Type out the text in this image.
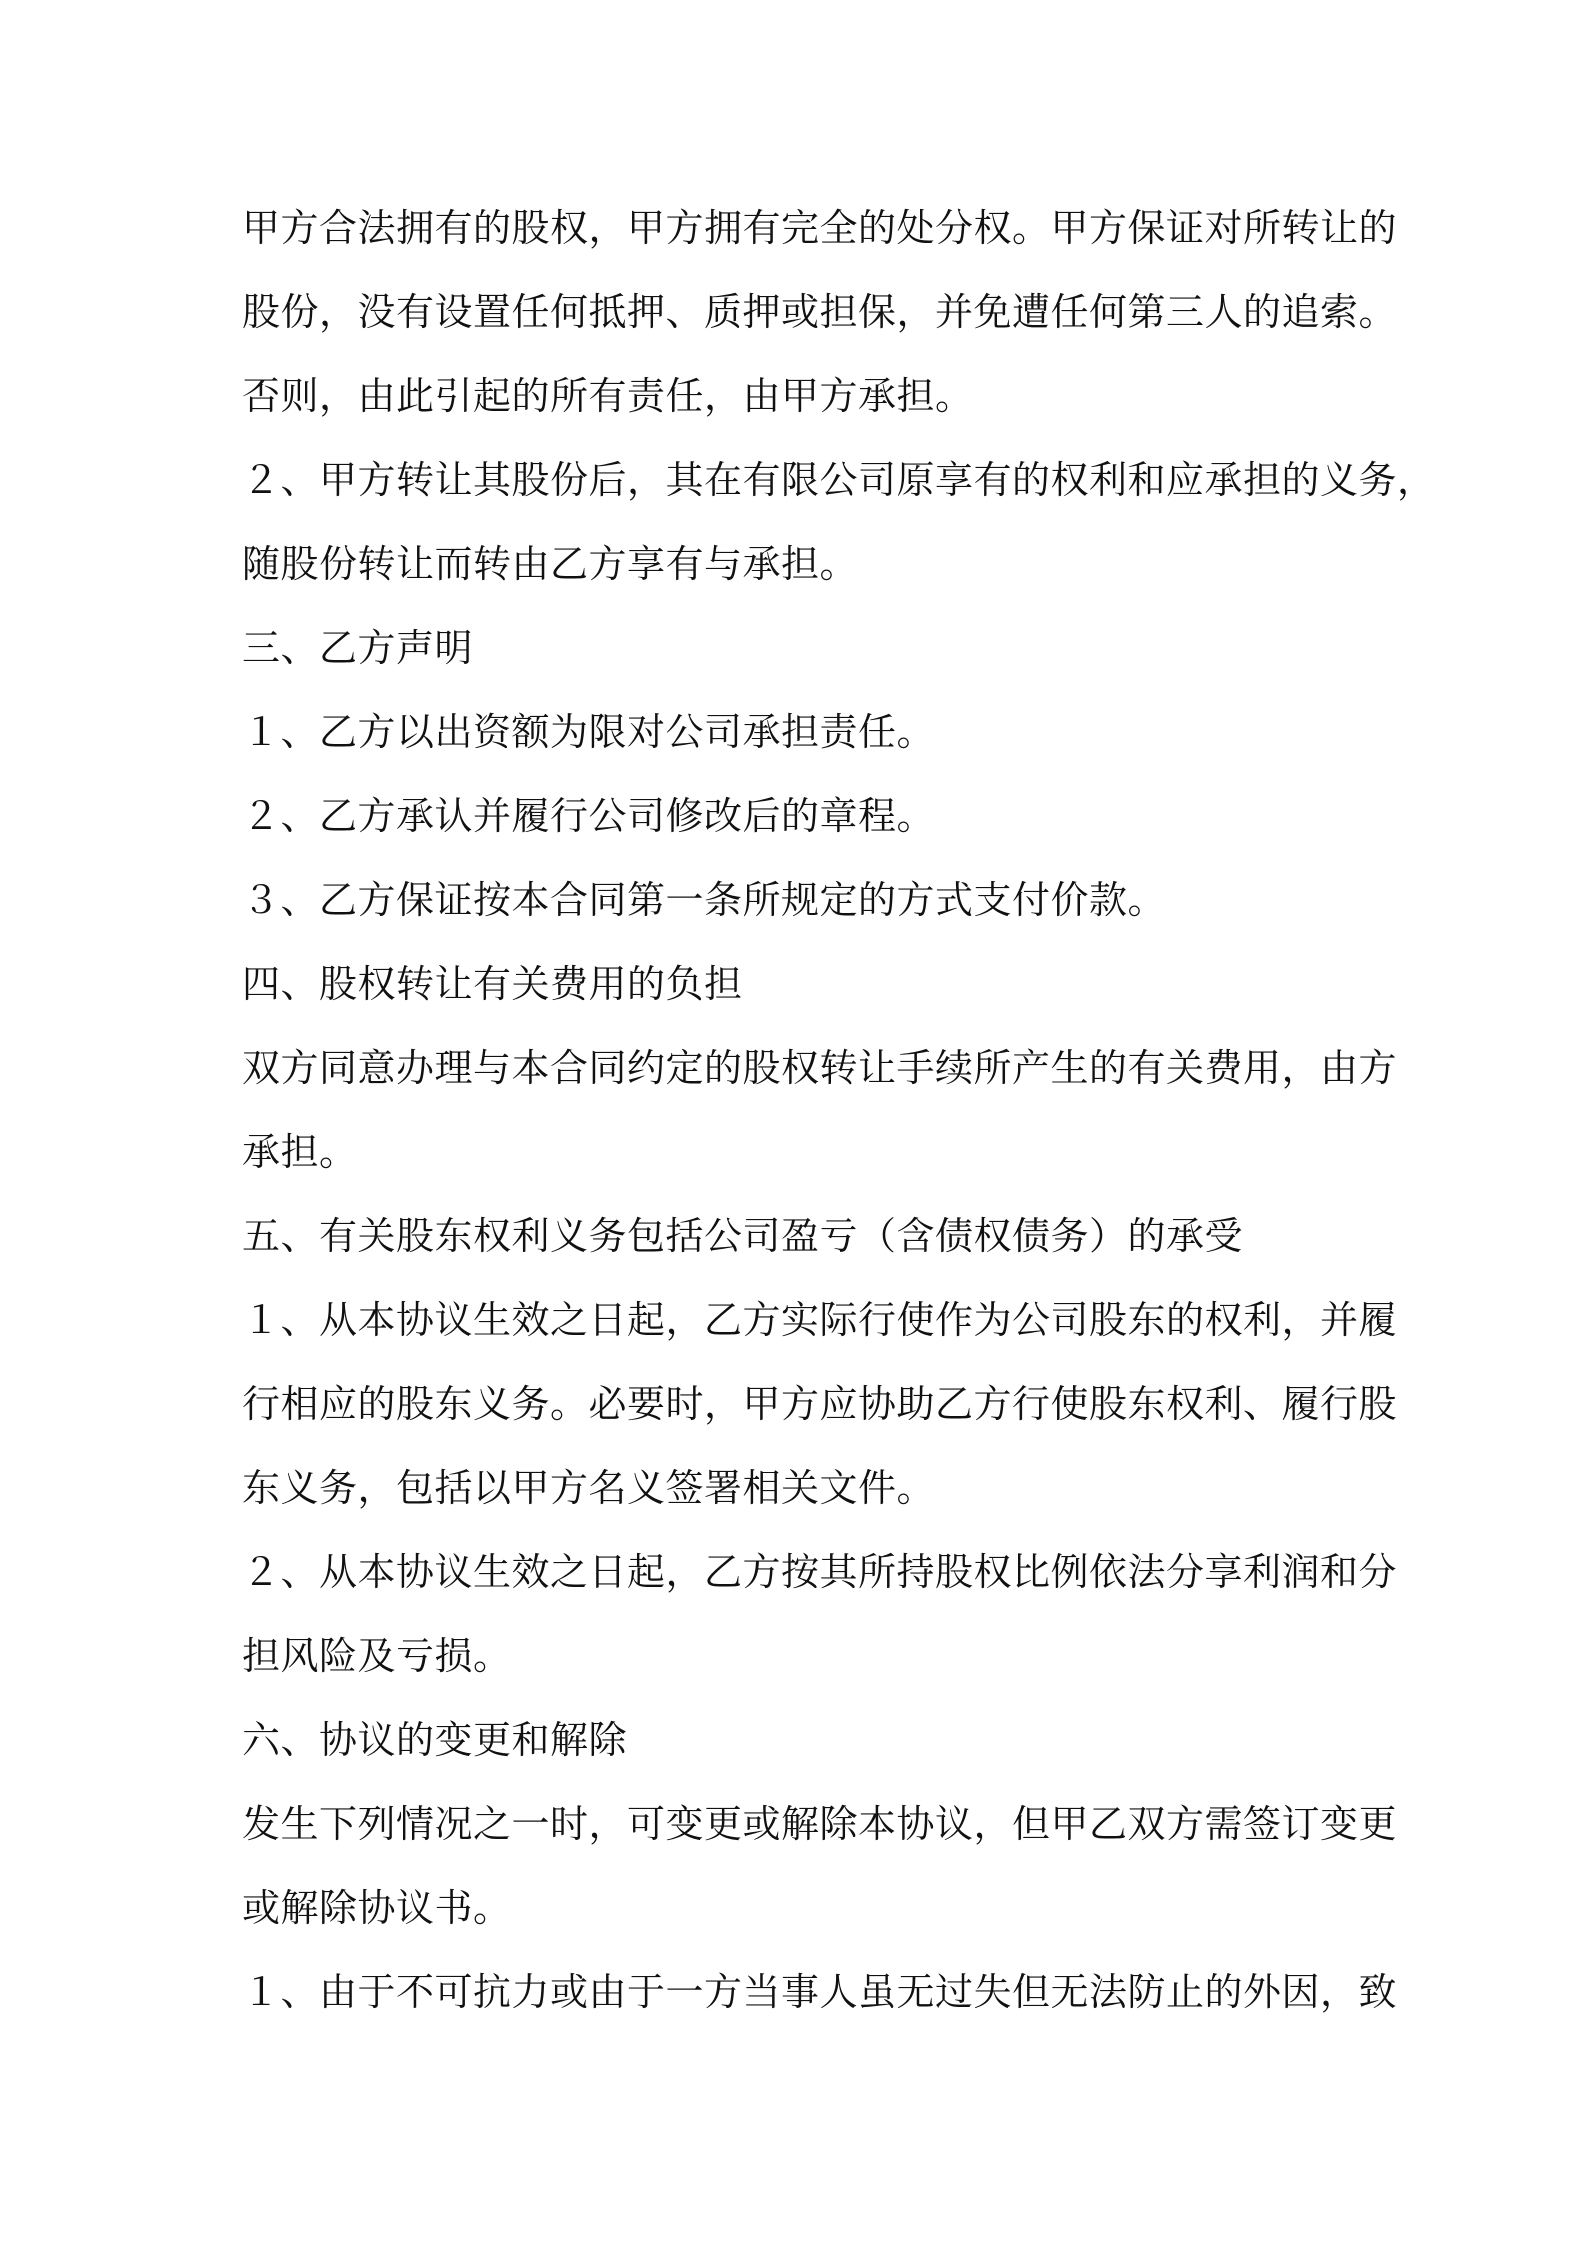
甲方合法拥有的股权，甲方拥有完全的处分权。甲方保证对所转让的
股份，没有设置任何抵押、质押或担保，并免遭任何第三人的追索。
否则，由此引起的所有责任，由甲方承担。
２、甲方转让其股份后，其在有限公司原享有的权利和应承担的义务，
随股份转让而转由乙方享有与承担。
三、乙方声明
１、乙方以出资额为限对公司承担责任。
２、乙方承认并履行公司修改后的章程。
３、乙方保证按本合同第一条所规定的方式支付价款。
四、股权转让有关费用的负担
双方同意办理与本合同约定的股权转让手续所产生的有关费用，由方
承担。
五、有关股东权利义务包括公司盈亏（含债权债务）的承受
１、从本协议生效之日起，乙方实际行使作为公司股东的权利，并履
行相应的股东义务。必要时，甲方应协助乙方行使股东权利、履行股
东义务，包括以甲方名义签署相关文件。
２、从本协议生效之日起，乙方按其所持股权比例依法分享利润和分
担风险及亏损。
六、协议的变更和解除
发生下列情况之一时，可变更或解除本协议，但甲乙双方需签订变更
或解除协议书。
１、由于不可抗力或由于一方当事人虽无过失但无法防止的外因，致
